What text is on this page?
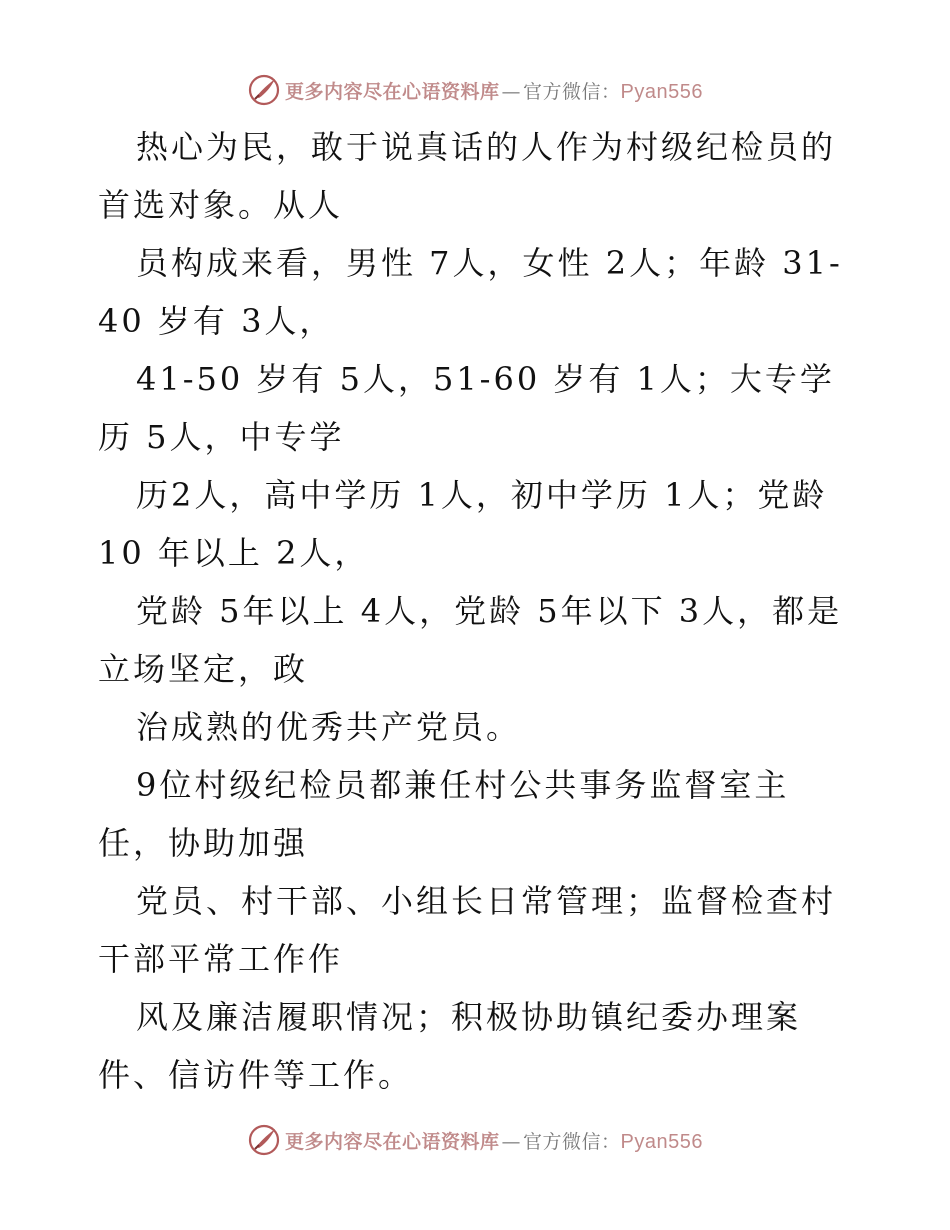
更多内容尽在心语资料库 — 官方微信：Pyan556

热心为民，敢于说真话的人作为村级纪检员的首选对象。从人

员构成来看，男性 7人，女性 2人；年龄 31-40 岁有 3人，

41-50 岁有 5人，51-60 岁有 1人；大专学历 5人，中专学

历2人，高中学历 1人，初中学历 1人；党龄 10 年以上 2人，

党龄 5年以上 4人，党龄 5年以下 3人，都是立场坚定，政

治成熟的优秀共产党员。

9位村级纪检员都兼任村公共事务监督室主任，协助加强

党员、村干部、小组长日常管理；监督检查村干部平常工作作

风及廉洁履职情况；积极协助镇纪委办理案件、信访件等工作。

更多内容尽在心语资料库 — 官方微信：Pyan556
